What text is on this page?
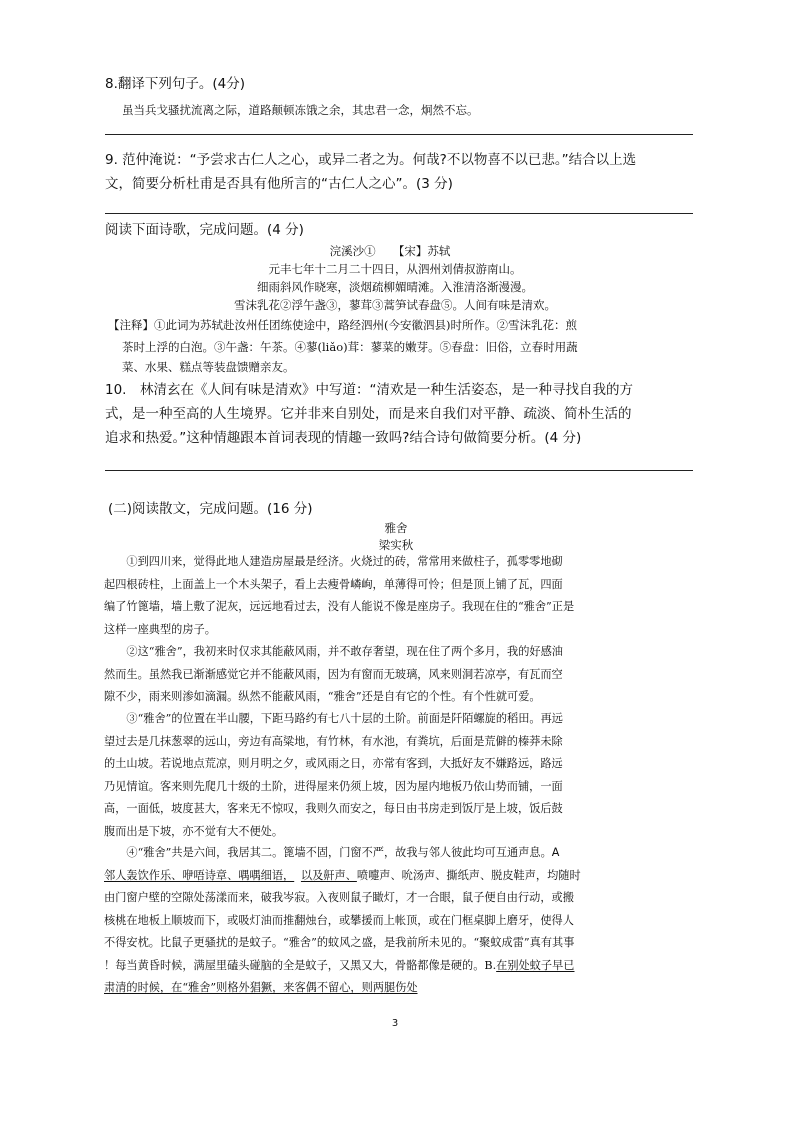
8.翻译下列句子。(4分)
虽当兵戈骚扰流离之际，道路颠顿冻饿之余，其忠君一念，炯然不忘。
9. 范仲淹说：“予尝求古仁人之心，或异二者之为。何哉?不以物喜不以已悲。”结合以上选
文，简要分析杜甫是否具有他所言的“古仁人之心”。(3 分)
阅读下面诗歌，完成问题。(4 分)
浣溪沙①　　【宋】苏轼
元丰七年十二月二十四日，从泗州刘倩叔游南山。
细雨斜风作晓寒，淡烟疏柳媚晴滩。入淮清洛渐漫漫。
雪沫乳花②浮午盏③，蓼茸③蒿笋试春盘⑤。人间有味是清欢。
【注释】①此词为苏轼赴汝州任团练使途中，路经泗州(今安徽泗县)时所作。②雪沫乳花：煎
茶时上浮的白泡。③午盏：午茶。④蓼(liǎo)茸：蓼菜的嫩芽。⑤春盘：旧俗，立春时用蔬
菜、水果、糕点等装盘馈赠亲友。
10.　林清玄在《人间有味是清欢》中写道：“清欢是一种生活姿态，是一种寻找自我的方
式，是一种至高的人生境界。它并非来自别处，而是来自我们对平静、疏淡、简朴生活的
追求和热爱。”这种情趣跟本首词表现的情趣一致吗?结合诗句做简要分析。(4 分)
(二)阅读散文，完成问题。(16 分)
雅舍
梁实秋
①到四川来，觉得此地人建造房屋最是经济。火烧过的砖，常常用来做柱子，孤零零地砌
起四根砖柱，上面盖上一个木头架子，看上去瘦骨嶙峋，单薄得可怜；但是顶上铺了瓦，四面
编了竹篦墙，墙上敷了泥灰，远远地看过去，没有人能说不像是座房子。我现在住的“雅舍”正是
这样一座典型的房子。
②这“雅舍”，我初来时仅求其能蔽风雨，并不敢存奢望，现在住了两个多月，我的好感油
然而生。虽然我已渐渐感觉它并不能蔽风雨，因为有窗而无玻璃，风来则洞若凉亭，有瓦而空
隙不少，雨来则渗如滴漏。纵然不能蔽风雨，“雅舍”还是自有它的个性。有个性就可爱。
③“雅舍”的位置在半山腰，下距马路约有七八十层的土阶。前面是阡陌螺旋的稻田。再远
望过去是几抹葱翠的远山，旁边有高粱地，有竹林，有水池，有粪坑，后面是荒僻的榛莽未除
的土山坡。若说地点荒凉，则月明之夕，或风雨之日，亦常有客到，大抵好友不嫌路远，路远
乃见情谊。客来则先爬几十级的土阶，进得屋来仍须上坡，因为屋内地板乃依山势而铺，一面
高，一面低，坡度甚大，客来无不惊叹，我则久而安之，每日由书房走到饭厅是上坡，饭后鼓
腹而出是下坡，亦不觉有大不便处。
④“雅舍”共是六间，我居其二。篦墙不固，门窗不严，故我与邻人彼此均可互通声息。A
邻人轰饮作乐、咿唔诗章、喁喁细语， 以及鼾声、喷嚏声、吮汤声、撕纸声、脱皮鞋声，均随时
由门窗户壁的空隙处荡漾而来，破我岑寂。入夜则鼠子瞰灯，才一合眼，鼠子便自由行动，或搬
核桃在地板上顺坡而下，或吸灯油而推翻烛台，或攀援而上帐顶，或在门框桌脚上磨牙，使得人
不得安枕。比鼠子更骚扰的是蚊子。“雅舍”的蚊风之盛，是我前所未见的。“聚蚊成雷”真有其事
！每当黄昏时候，满屋里磕头碰脑的全是蚊子，又黑又大，骨骼都像是硬的。B.在别处蚊子早已
肃清的时候，在“雅舍”则格外猖獗，来客偶不留心，则两腿伤处
3
